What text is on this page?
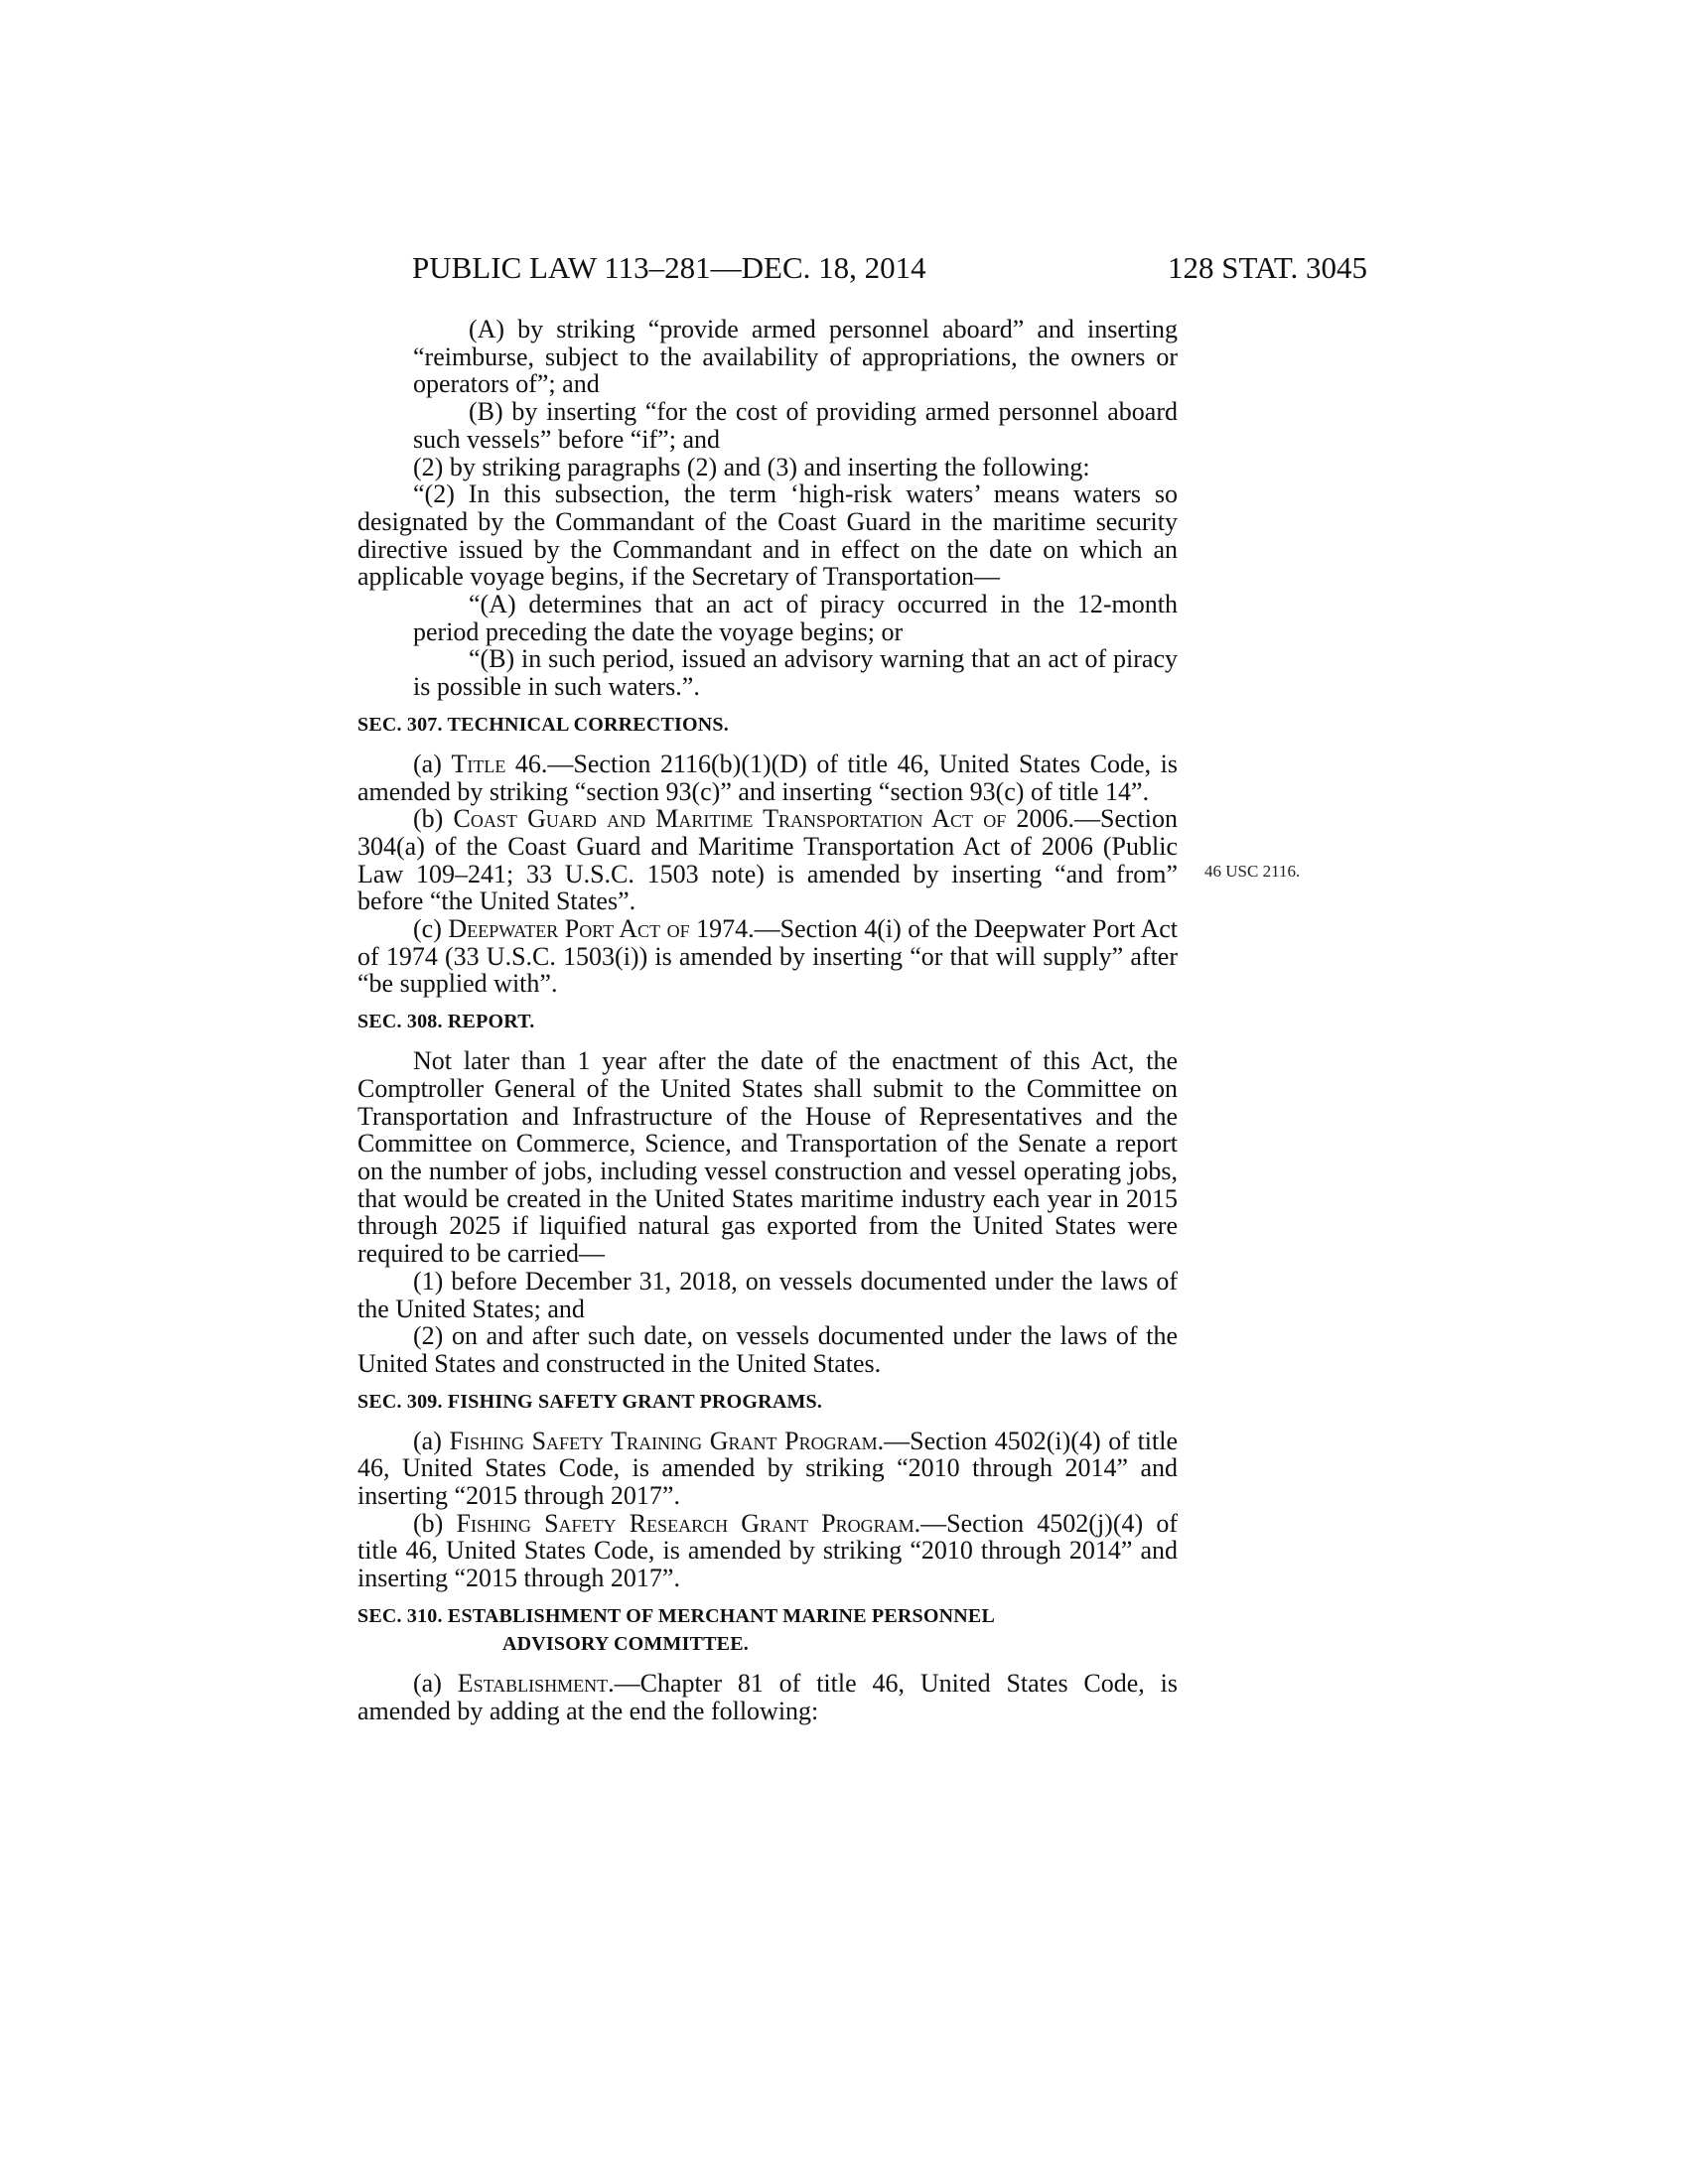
PUBLIC LAW 113–281—DEC. 18, 2014	128 STAT. 3045
46 USC 2116.

(A) by striking “provide armed personnel aboard” and inserting “reimburse, subject to the availability of appropriations, the owners or operators of”; and

(B) by inserting “for the cost of providing armed personnel aboard such vessels” before “if”; and

(2) by striking paragraphs (2) and (3) and inserting the following:

“(2) In this subsection, the term ‘high-risk waters’ means waters so designated by the Commandant of the Coast Guard in the maritime security directive issued by the Commandant and in effect on the date on which an applicable voyage begins, if the Secretary of Transportation—

“(A) determines that an act of piracy occurred in the 12-month period preceding the date the voyage begins; or

“(B) in such period, issued an advisory warning that an act of piracy is possible in such waters.”.

SEC. 307. TECHNICAL CORRECTIONS.

(a) Title 46.—Section 2116(b)(1)(D) of title 46, United States Code, is amended by striking “section 93(c)” and inserting “section 93(c) of title 14”.

(b) Coast Guard and Maritime Transportation Act of 2006.—Section 304(a) of the Coast Guard and Maritime Transportation Act of 2006 (Public Law 109–241; 33 U.S.C. 1503 note) is amended by inserting “and from” before “the United States”.

(c) Deepwater Port Act of 1974.—Section 4(i) of the Deepwater Port Act of 1974 (33 U.S.C. 1503(i)) is amended by inserting “or that will supply” after “be supplied with”.

SEC. 308. REPORT.

Not later than 1 year after the date of the enactment of this Act, the Comptroller General of the United States shall submit to the Committee on Transportation and Infrastructure of the House of Representatives and the Committee on Commerce, Science, and Transportation of the Senate a report on the number of jobs, including vessel construction and vessel operating jobs, that would be created in the United States maritime industry each year in 2015 through 2025 if liquified natural gas exported from the United States were required to be carried—

(1) before December 31, 2018, on vessels documented under the laws of the United States; and

(2) on and after such date, on vessels documented under the laws of the United States and constructed in the United States.

SEC. 309. FISHING SAFETY GRANT PROGRAMS.

(a) Fishing Safety Training Grant Program.—Section 4502(i)(4) of title 46, United States Code, is amended by striking “2010 through 2014” and inserting “2015 through 2017”.

(b) Fishing Safety Research Grant Program.—Section 4502(j)(4) of title 46, United States Code, is amended by striking “2010 through 2014” and inserting “2015 through 2017”.

SEC. 310. ESTABLISHMENT OF MERCHANT MARINE PERSONNEL
ADVISORY COMMITTEE.

(a) Establishment.—Chapter 81 of title 46, United States Code, is amended by adding at the end the following:
